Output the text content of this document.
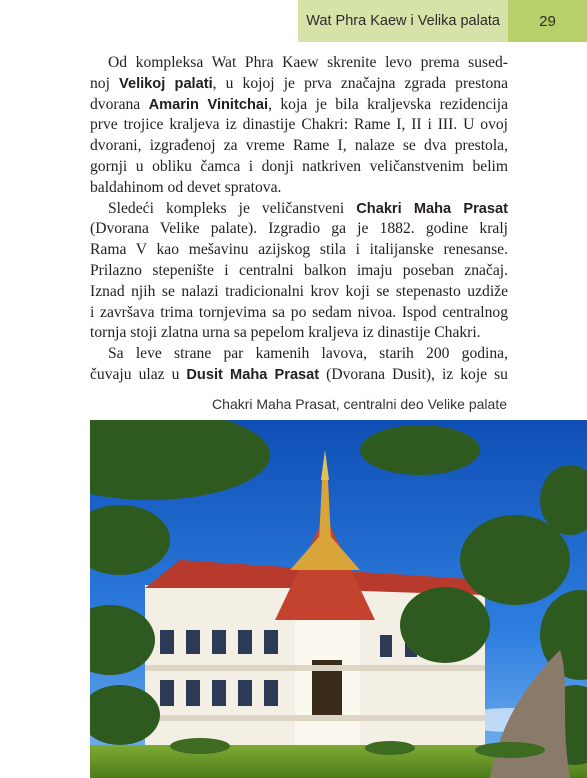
Wat Phra Kaew i Velika palata	29

Od kompleksa Wat Phra Kaew skrenite levo prema sused-
noj Velikoj palati, u kojoj je prva značajna zgrada prestona
dvorana Amarin Vinitchai, koja je bila kraljevska rezidencija
prve trojice kraljeva iz dinastije Chakri: Rame I, II i III. U ovoj
dvorani, izgrađenoj za vreme Rame I, nalaze se dva prestola,
gornji u obliku čamca i donji natkriven veličanstvenim belim
baldahinom od devet spratova.

Sledeći kompleks je veličanstveni Chakri Maha Prasat
(Dvorana Velike palate). Izgradio ga je 1882. godine kralj
Rama V kao mešavinu azijskog stila i italijanske renesanse.
Prilazno stepenište i centralni balkon imaju poseban značaj.
Iznad njih se nalazi tradicionalni krov koji se stepenasto uzdiže
i završava trima tornjevima sa po sedam nivoa. Ispod centralnog
tornja stoji zlatna urna sa pepelom kraljeva iz dinastije Chakri.

Sa leve strane par kamenih lavova, starih 200 godina,
čuvaju ulaz u Dusit Maha Prasat (Dvorana Dusit), iz koje su

Chakri Maha Prasat, centralni deo Velike palate
